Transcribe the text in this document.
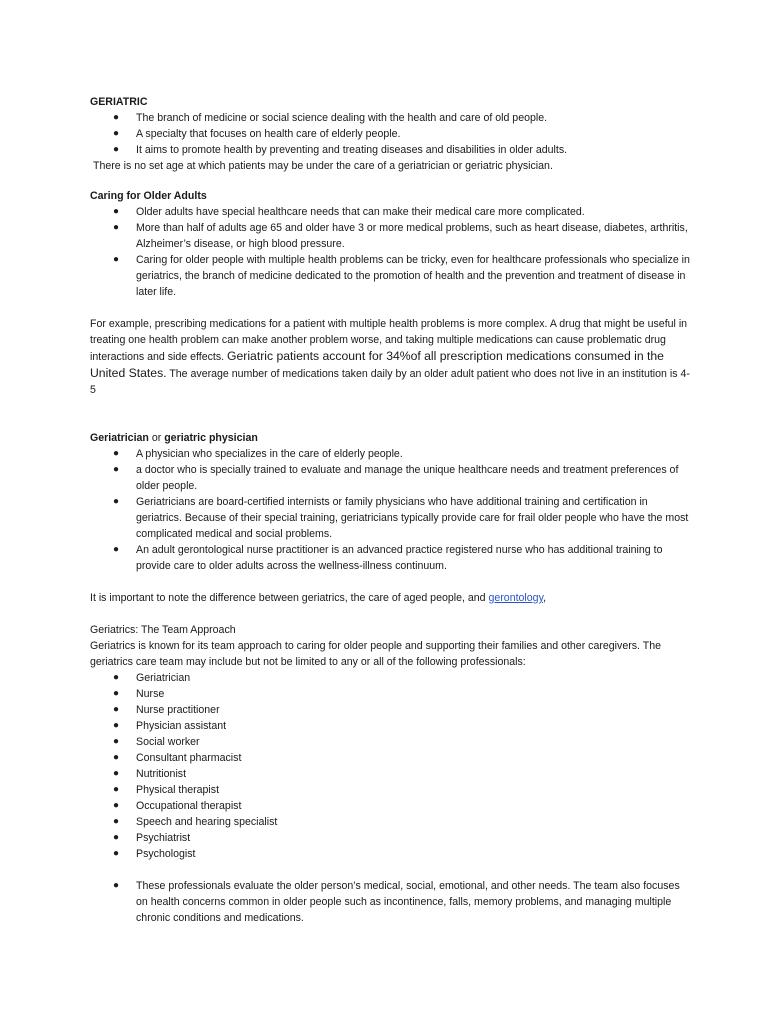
GERIATRIC

● The branch of medicine or social science dealing with the health and care of old people.
● A specialty that focuses on health care of elderly people.
● It aims to promote health by preventing and treating diseases and disabilities in older adults.

There is no set age at which patients may be under the care of a geriatrician or geriatric physician.

Caring for Older Adults

● Older adults have special healthcare needs that can make their medical care more complicated.
● More than half of adults age 65 and older have 3 or more medical problems, such as heart disease, diabetes, arthritis, Alzheimer’s disease, or high blood pressure.
● Caring for older people with multiple health problems can be tricky, even for healthcare professionals who specialize in geriatrics, the branch of medicine dedicated to the promotion of health and the prevention and treatment of disease in later life.

For example, prescribing medications for a patient with multiple health problems is more complex. A drug that might be useful in treating one health problem can make another problem worse, and taking multiple medications can cause problematic drug interactions and side effects. Geriatric patients account for 34%of all prescription medications consumed in the United States. The average number of medications taken daily by an older adult patient who does not live in an institution is 4-5

Geriatrician or geriatric physician

● A physician who specializes in the care of elderly people.
● a doctor who is specially trained to evaluate and manage the unique healthcare needs and treatment preferences of older people.
● Geriatricians are board-certified internists or family physicians who have additional training and certification in geriatrics. Because of their special training, geriatricians typically provide care for frail older people who have the most complicated medical and social problems.
● An adult gerontological nurse practitioner is an advanced practice registered nurse who has additional training to provide care to older adults across the wellness-illness continuum.

It is important to note the difference between geriatrics, the care of aged people, and gerontology,

Geriatrics: The Team Approach

Geriatrics is known for its team approach to caring for older people and supporting their families and other caregivers. The geriatrics care team may include but not be limited to any or all of the following professionals:

● Geriatrician
● Nurse
● Nurse practitioner
● Physician assistant
● Social worker
● Consultant pharmacist
● Nutritionist
● Physical therapist
● Occupational therapist
● Speech and hearing specialist
● Psychiatrist
● Psychologist
● These professionals evaluate the older person’s medical, social, emotional, and other needs. The team also focuses on health concerns common in older people such as incontinence, falls, memory problems, and managing multiple chronic conditions and medications.
